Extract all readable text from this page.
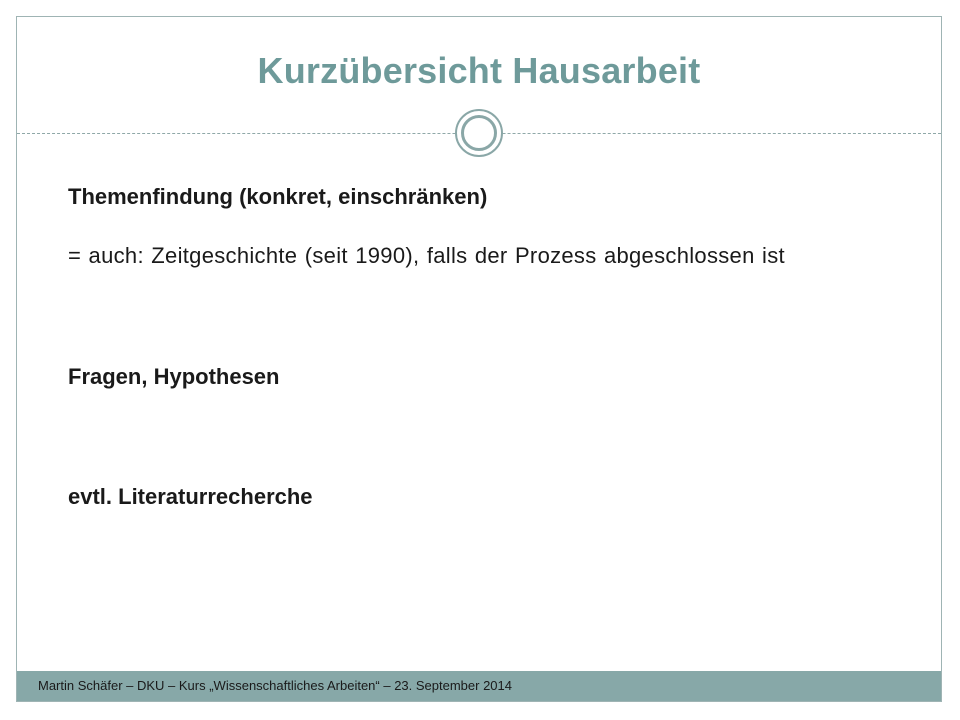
Kurzübersicht Hausarbeit
Themenfindung (konkret, einschränken)
= auch: Zeitgeschichte (seit 1990), falls der Prozess abgeschlossen ist
Fragen, Hypothesen
evtl. Literaturrecherche
Martin Schäfer – DKU – Kurs „Wissenschaftliches Arbeiten“ – 23. September 2014
